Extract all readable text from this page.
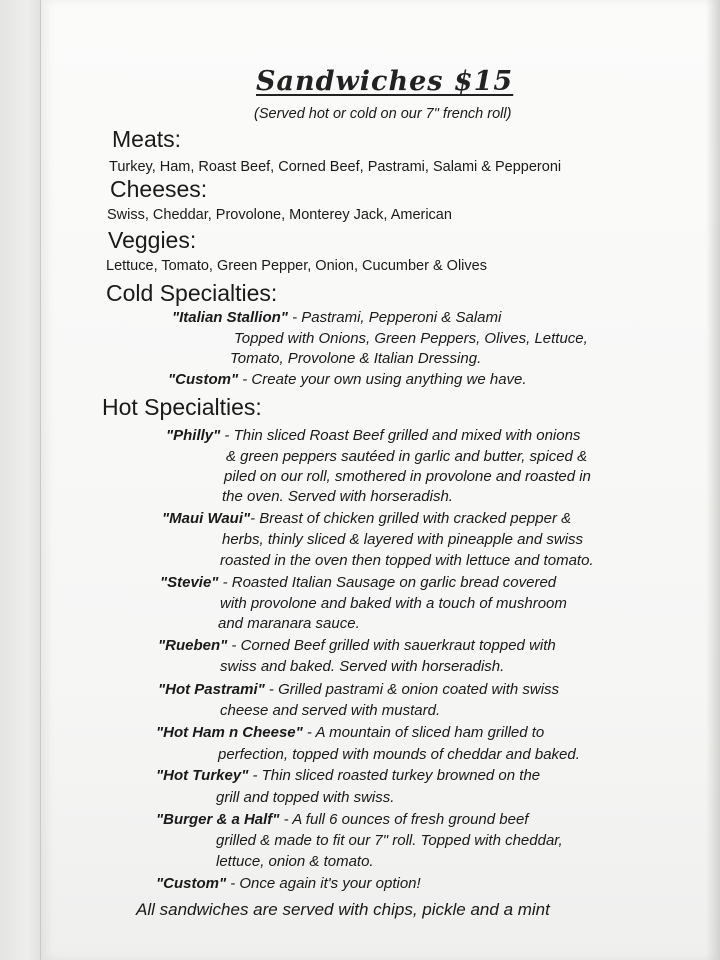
Sandwiches $15
(Served hot or cold on our 7" french roll)
Meats:
Turkey, Ham, Roast Beef, Corned Beef, Pastrami, Salami & Pepperoni
Cheeses:
Swiss, Cheddar, Provolone, Monterey Jack, American
Veggies:
Lettuce, Tomato, Green Pepper, Onion, Cucumber & Olives
Cold Specialties:
"Italian Stallion" - Pastrami, Pepperoni & Salami
Topped with Onions, Green Peppers, Olives, Lettuce,
Tomato, Provolone & Italian Dressing.
"Custom" - Create your own using anything we have.
Hot Specialties:
"Philly" - Thin sliced Roast Beef grilled and mixed with onions
& green peppers sautéed in garlic and butter, spiced &
piled on our roll, smothered in provolone and roasted in
the oven. Served with horseradish.
"Maui Waui"- Breast of chicken grilled with cracked pepper &
herbs, thinly sliced & layered with pineapple and swiss
roasted in the oven then topped with lettuce and tomato.
"Stevie" - Roasted Italian Sausage on garlic bread covered
with provolone and baked with a touch of mushroom
and maranara sauce.
"Rueben" - Corned Beef grilled with sauerkraut topped with
swiss and baked. Served with horseradish.
"Hot Pastrami" - Grilled pastrami & onion coated with swiss
cheese and served with mustard.
"Hot Ham n Cheese" - A mountain of sliced ham grilled to
perfection, topped with mounds of cheddar and baked.
"Hot Turkey" - Thin sliced roasted turkey browned on the
grill and topped with swiss.
"Burger & a Half" - A full 6 ounces of fresh ground beef
grilled & made to fit our 7" roll. Topped with cheddar,
lettuce, onion & tomato.
"Custom" - Once again it's your option!
All sandwiches are served with chips, pickle and a mint
